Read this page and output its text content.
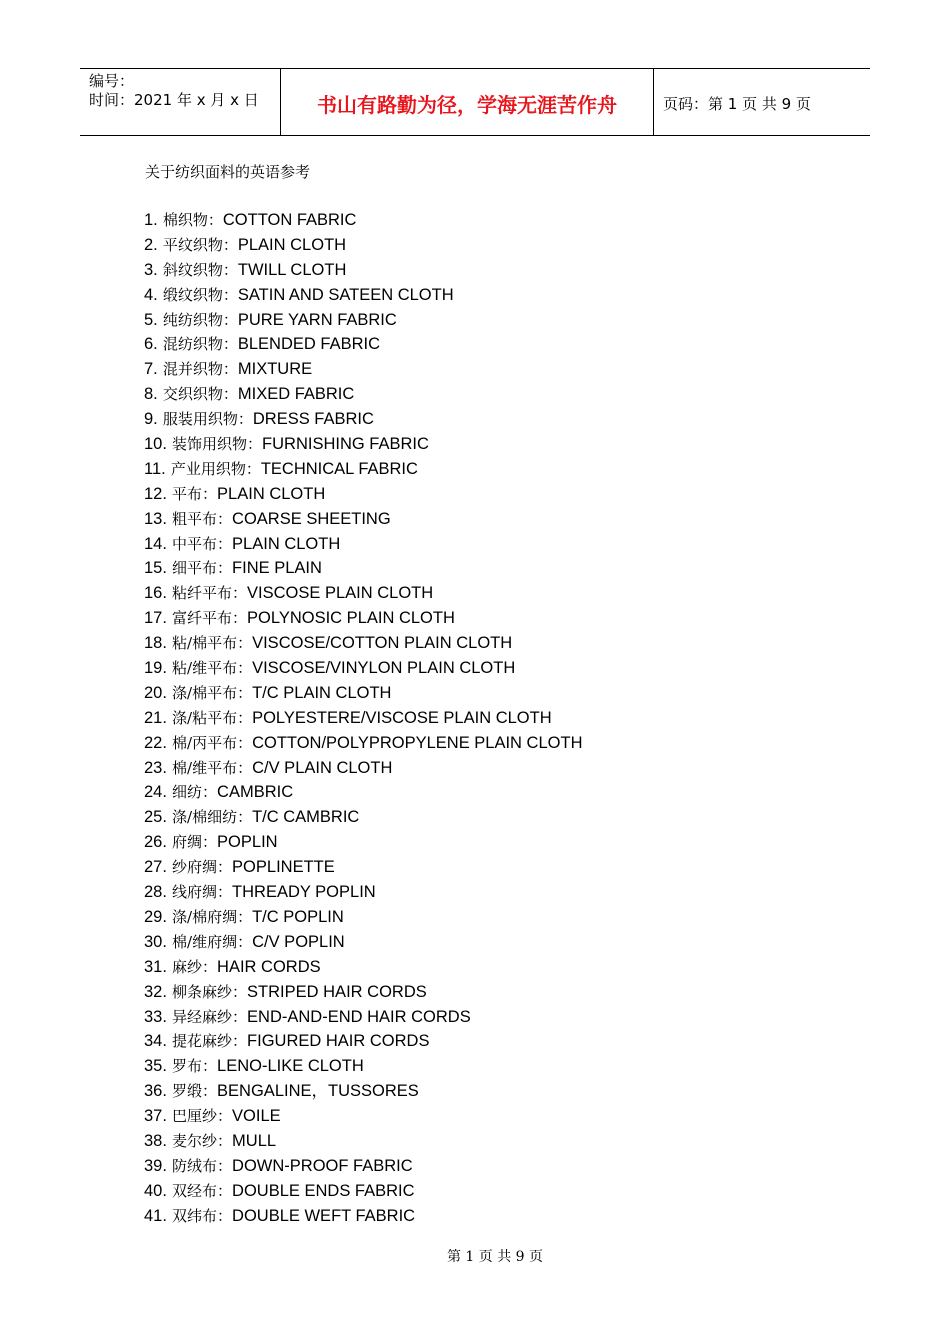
编号：
时间：2021 年 x 月 x 日	书山有路勤为径，学海无涯苦作舟	页码：第 1 页 共 9 页
关于纺织面料的英语参考
1. 棉织物：COTTON FABRIC
2. 平纹织物：PLAIN CLOTH
3. 斜纹织物：TWILL CLOTH
4. 缎纹织物：SATIN AND SATEEN CLOTH
5. 纯纺织物：PURE YARN FABRIC
6. 混纺织物：BLENDED FABRIC
7. 混并织物：MIXTURE
8. 交织织物：MIXED FABRIC
9. 服装用织物：DRESS FABRIC
10. 装饰用织物：FURNISHING FABRIC
11. 产业用织物：TECHNICAL FABRIC
12. 平布：PLAIN CLOTH
13. 粗平布：COARSE SHEETING
14. 中平布：PLAIN CLOTH
15. 细平布：FINE PLAIN
16. 粘纤平布：VISCOSE PLAIN CLOTH
17. 富纤平布：POLYNOSIC PLAIN CLOTH
18. 粘/棉平布：VISCOSE/COTTON PLAIN CLOTH
19. 粘/维平布：VISCOSE/VINYLON PLAIN CLOTH
20. 涤/棉平布：T/C PLAIN CLOTH
21. 涤/粘平布：POLYESTERE/VISCOSE PLAIN CLOTH
22. 棉/丙平布：COTTON/POLYPROPYLENE PLAIN CLOTH
23. 棉/维平布：C/V PLAIN CLOTH
24. 细纺：CAMBRIC
25. 涤/棉细纺：T/C CAMBRIC
26. 府绸：POPLIN
27. 纱府绸：POPLINETTE
28. 线府绸：THREADY POPLIN
29. 涤/棉府绸：T/C POPLIN
30. 棉/维府绸：C/V POPLIN
31. 麻纱：HAIR CORDS
32. 柳条麻纱：STRIPED HAIR CORDS
33. 异经麻纱：END-AND-END HAIR CORDS
34. 提花麻纱：FIGURED HAIR CORDS
35. 罗布：LENO-LIKE CLOTH
36. 罗缎：BENGALINE，TUSSORES
37. 巴厘纱：VOILE
38. 麦尔纱：MULL
39. 防绒布：DOWN-PROOF FABRIC
40. 双经布：DOUBLE ENDS FABRIC
41. 双纬布：DOUBLE WEFT FABRIC
第 1 页 共 9 页
